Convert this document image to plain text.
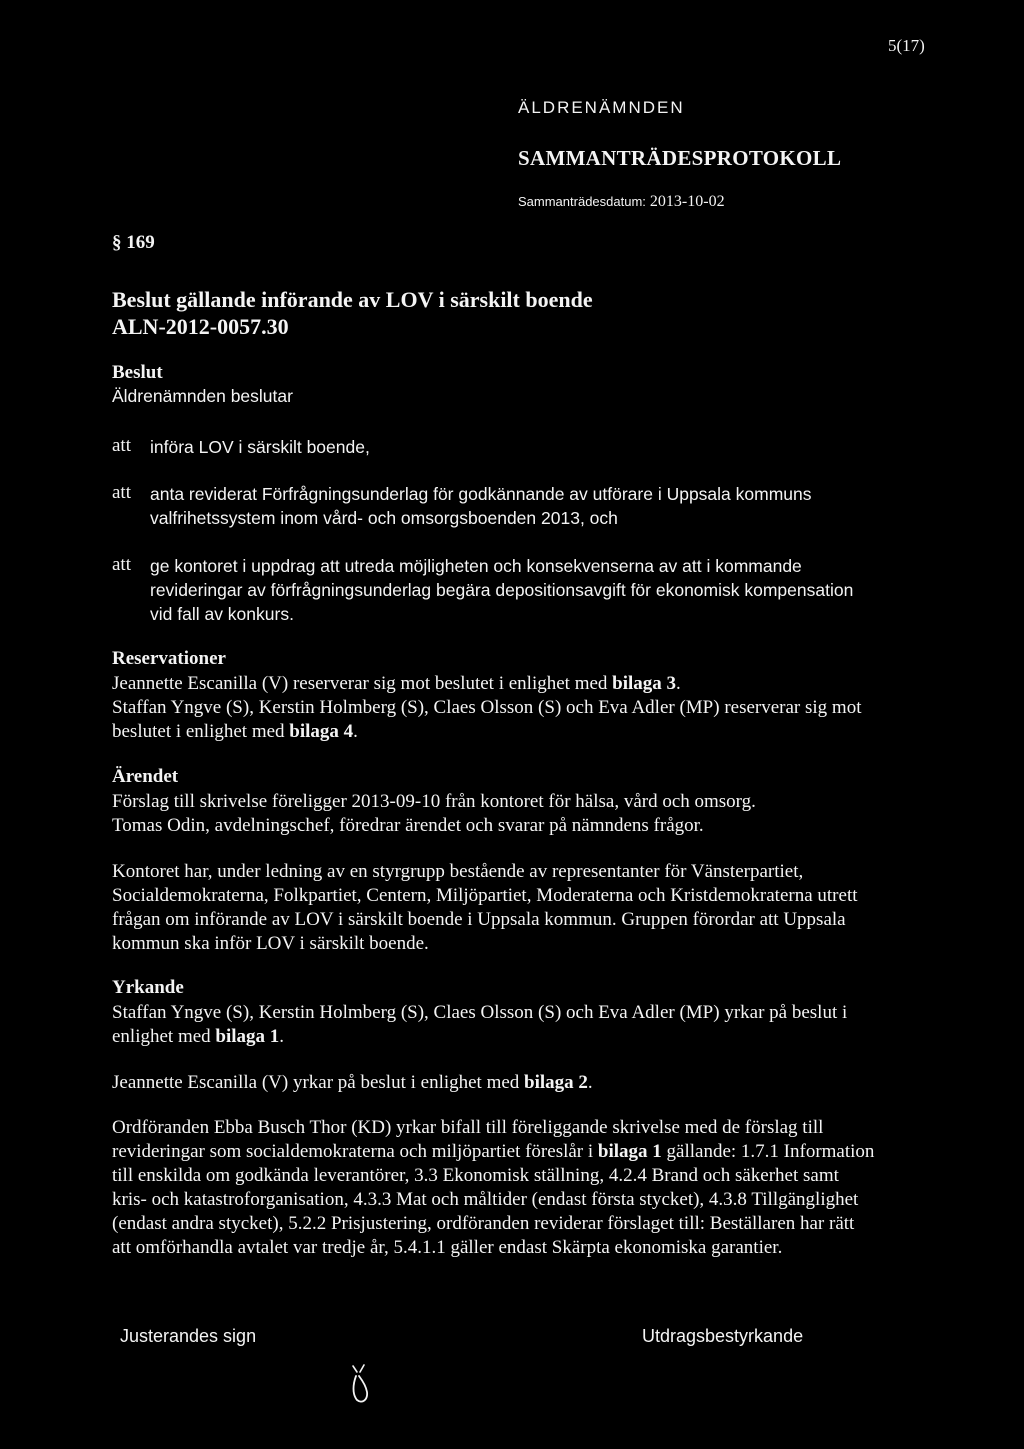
5(17)
ÄLDRENÄMNDEN
SAMMANTRÄDESPROTOKOLL
Sammanträdesdatum: 2013-10-02
§ 169
Beslut gällande införande av LOV i särskilt boende
ALN-2012-0057.30
Beslut
Äldrenämnden beslutar
att införa LOV i särskilt boende,
att anta reviderat Förfrågningsunderlag för godkännande av utförare i Uppsala kommuns
valfrihetssystem inom vård- och omsorgsboenden 2013, och
att ge kontoret i uppdrag att utreda möjligheten och konsekvenserna av att i kommande
revideringar av förfrågningsunderlag begära depositionsavgift för ekonomisk kompensation
vid fall av konkurs.
Reservationer
Jeannette Escanilla (V) reserverar sig mot beslutet i enlighet med bilaga 3.
Staffan Yngve (S), Kerstin Holmberg (S), Claes Olsson (S) och Eva Adler (MP) reserverar sig mot
beslutet i enlighet med bilaga 4.
Ärendet
Förslag till skrivelse föreligger 2013-09-10 från kontoret för hälsa, vård och omsorg.
Tomas Odin, avdelningschef, föredrar ärendet och svarar på nämndens frågor.
Kontoret har, under ledning av en styrgrupp bestående av representanter för Vänsterpartiet,
Socialdemokraterna, Folkpartiet, Centern, Miljöpartiet, Moderaterna och Kristdemokraterna utrett
frågan om införande av LOV i särskilt boende i Uppsala kommun. Gruppen förordar att Uppsala
kommun ska inför LOV i särskilt boende.
Yrkande
Staffan Yngve (S), Kerstin Holmberg (S), Claes Olsson (S) och Eva Adler (MP) yrkar på beslut i
enlighet med bilaga 1.
Jeannette Escanilla (V) yrkar på beslut i enlighet med bilaga 2.
Ordföranden Ebba Busch Thor (KD) yrkar bifall till föreliggande skrivelse med de förslag till
revideringar som socialdemokraterna och miljöpartiet föreslår i bilaga 1 gällande: 1.7.1 Information
till enskilda om godkända leverantörer, 3.3 Ekonomisk ställning, 4.2.4 Brand och säkerhet samt
kris- och katastroforganisation, 4.3.3 Mat och måltider (endast första stycket), 4.3.8 Tillgänglighet
(endast andra stycket), 5.2.2 Prisjustering, ordföranden reviderar förslaget till: Beställaren har rätt
att omförhandla avtalet var tredje år, 5.4.1.1 gäller endast Skärpta ekonomiska garantier.
Justerandes sign	Utdragsbestyrkande
